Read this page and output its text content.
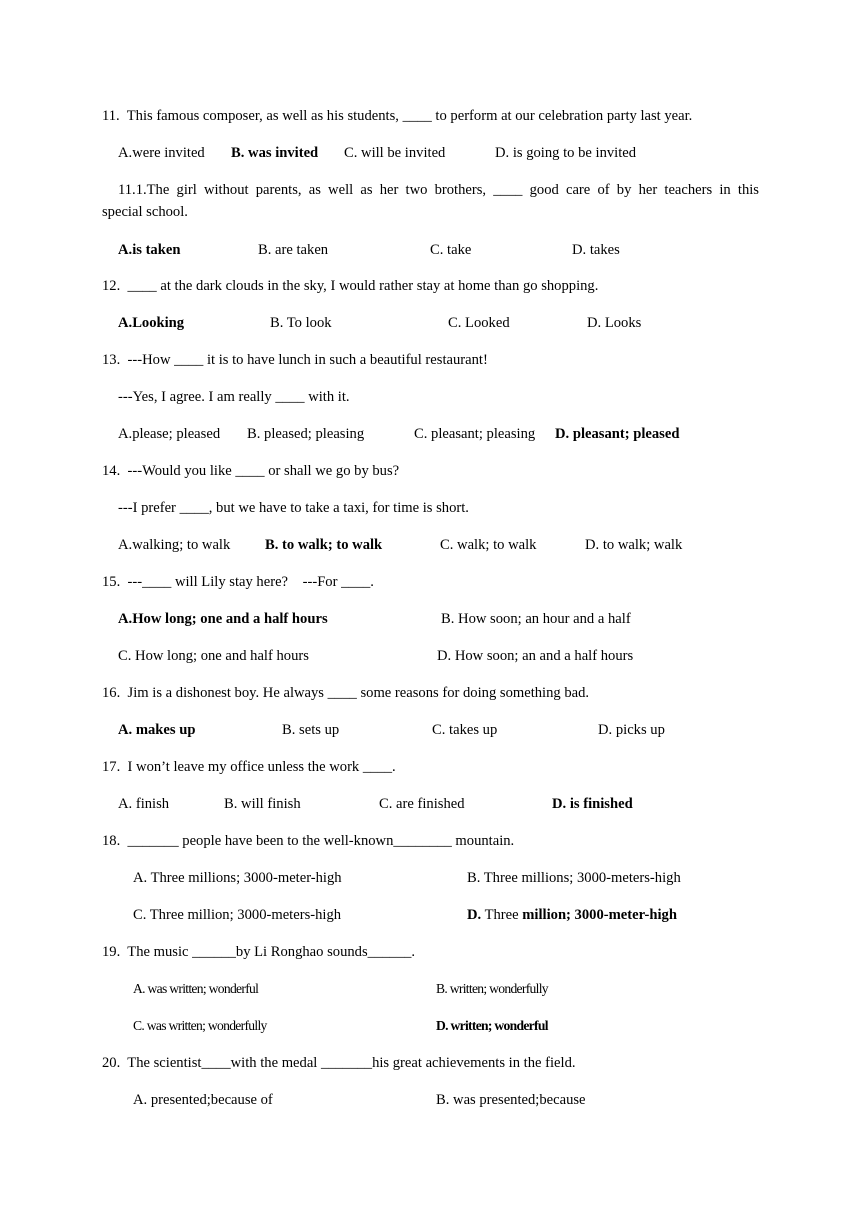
11.  This famous composer, as well as his students, ____ to perform at our celebration party last year.
A.were invited B. was invited C. will be invited	D. is going to be invited
11.1.The girl without parents, as well as her two brothers, ____ good care of by her teachers in this
special school.
A.is taken	B. are taken	C. take	D. takes
12.  ____ at the dark clouds in the sky, I would rather stay at home than go shopping.
A.Looking	B. To look	C. Looked	D. Looks
13.  ---How ____ it is to have lunch in such a beautiful restaurant!
---Yes, I agree. I am really ____ with it.
A.please; pleased B. pleased; pleasing	C. pleasant; pleasing D. pleasant; pleased
14.  ---Would you like ____ or shall we go by bus?
---I prefer ____, but we have to take a taxi, for time is short.
A.walking; to walk B. to walk; to walk	C. walk; to walk	D. to walk; walk
15.  ---____ will Lily stay here?    ---For ____.
A.How long; one and a half hours	B. How soon; an hour and a half
C. How long; one and half hours	D. How soon; an and a half hours
16.  Jim is a dishonest boy. He always ____ some reasons for doing something bad.
A. makes up	B. sets up	C. takes up	D. picks up
17.  I won’t leave my office unless the work ____.
A. finish	B. will finish	C. are finished	D. is finished
18.  _______ people have been to the well-known________ mountain.
A. Three millions; 3000-meter-high	B. Three millions; 3000-meters-high
C. Three million; 3000-meters-high	D. Three million; 3000-meter-high
19.  The music ______by Li Ronghao sounds______.
A. was written; wonderful	B. written; wonderfully
C. was written; wonderfully	D. written; wonderful
20.  The scientist____with the medal _______his great achievements in the field.
A. presented;because of	B. was presented;because
